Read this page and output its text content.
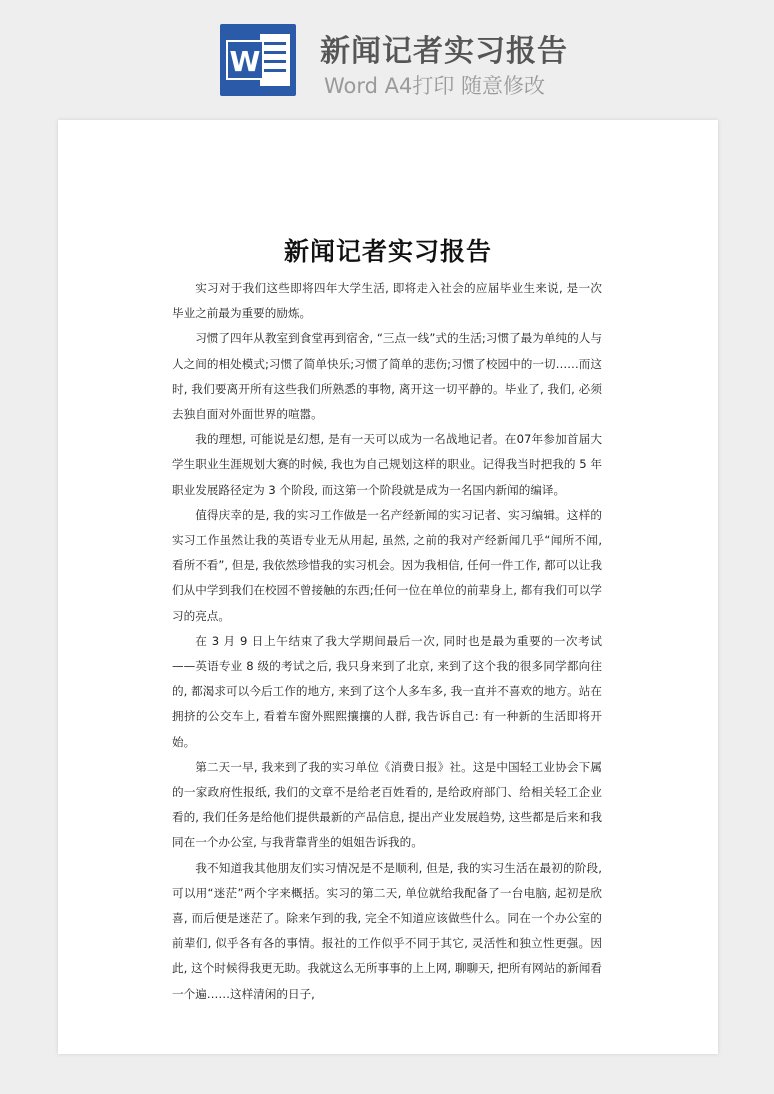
W 新闻记者实习报告
Word A4打印 随意修改
新闻记者实习报告

实习对于我们这些即将四年大学生活, 即将走入社会的应届毕业生来说, 是一次毕业之前最为重要的励炼。

习惯了四年从教室到食堂再到宿舍, “三点一线”式的生活;习惯了最为单纯的人与人之间的相处模式;习惯了简单快乐;习惯了简单的悲伤;习惯了校园中的一切……而这时, 我们要离开所有这些我们所熟悉的事物, 离开这一切平静的。毕业了, 我们, 必须去独自面对外面世界的喧嚣。

我的理想, 可能说是幻想, 是有一天可以成为一名战地记者。在07年参加首届大学生职业生涯规划大赛的时候, 我也为自己规划这样的职业。记得我当时把我的 5 年职业发展路径定为 3 个阶段, 而这第一个阶段就是成为一名国内新闻的编译。

值得庆幸的是, 我的实习工作做是一名产经新闻的实习记者、实习编辑。这样的实习工作虽然让我的英语专业无从用起, 虽然, 之前的我对产经新闻几乎“闻所不闻, 看所不看”, 但是, 我依然珍惜我的实习机会。因为我相信, 任何一件工作, 都可以让我们从中学到我们在校园不曾接触的东西;任何一位在单位的前辈身上, 都有我们可以学习的亮点。

在 3 月 9 日上午结束了我大学期间最后一次, 同时也是最为重要的一次考试——英语专业 8 级的考试之后, 我只身来到了北京, 来到了这个我的很多同学都向往的, 都渴求可以今后工作的地方, 来到了这个人多车多, 我一直并不喜欢的地方。站在拥挤的公交车上, 看着车窗外熙熙攘攘的人群, 我告诉自己: 有一种新的生活即将开始。

第二天一早, 我来到了我的实习单位《消费日报》社。这是中国轻工业协会下属的一家政府性报纸, 我们的文章不是给老百姓看的, 是给政府部门、给相关轻工企业看的, 我们任务是给他们提供最新的产品信息, 提出产业发展趋势, 这些都是后来和我同在一个办公室, 与我背靠背坐的姐姐告诉我的。

我不知道我其他朋友们实习情况是不是顺利, 但是, 我的实习生活在最初的阶段, 可以用“迷茫”两个字来概括。实习的第二天, 单位就给我配备了一台电脑, 起初是欣喜, 而后便是迷茫了。除来乍到的我, 完全不知道应该做些什么。同在一个办公室的前辈们, 似乎各有各的事情。报社的工作似乎不同于其它, 灵活性和独立性更强。因此, 这个时候得我更无助。我就这么无所事事的上上网, 聊聊天, 把所有网站的新闻看一个遍……这样清闲的日子,
